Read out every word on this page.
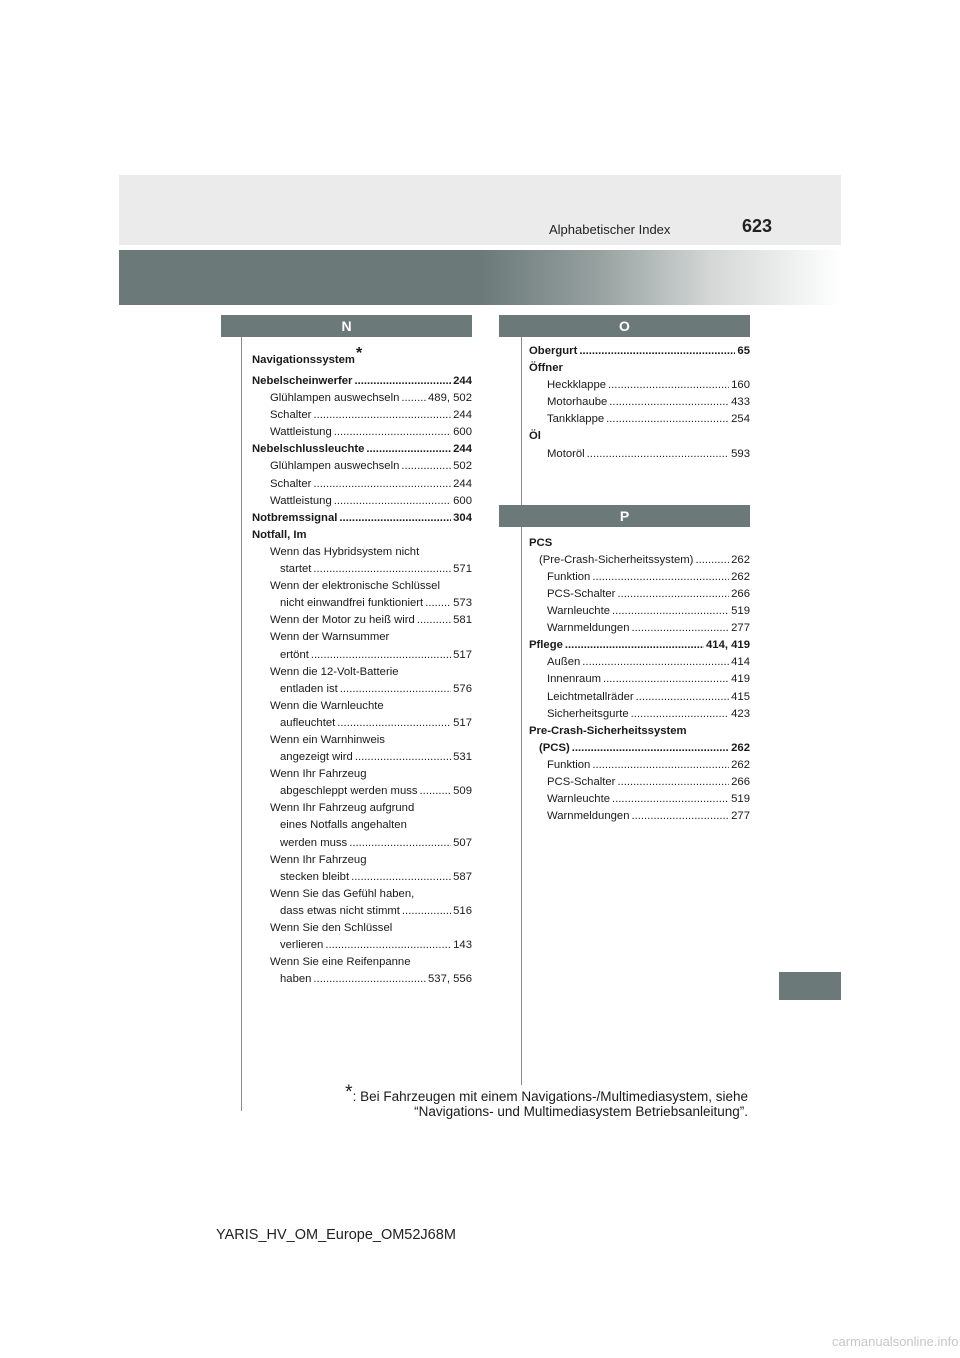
Alphabetischer Index	623
N
Navigationssystem*
Nebelscheinwerfer .....	244
Glühlampen auswechseln .....	489, 502
Schalter .....	244
Wattleistung .....	600
Nebelschlussleuchte .....	244
Glühlampen auswechseln .....	502
Schalter .....	244
Wattleistung .....	600
Notbremssignal .....	304
Notfall, Im
Wenn das Hybridsystem nicht
startet .....	571
Wenn der elektronische Schlüssel
nicht einwandfrei funktioniert .....	573
Wenn der Motor zu heiß wird .....	581
Wenn der Warnsummer
ertönt .....	517
Wenn die 12-Volt-Batterie
entladen ist .....	576
Wenn die Warnleuchte
aufleuchtet .....	517
Wenn ein Warnhinweis
angezeigt wird .....	531
Wenn Ihr Fahrzeug
abgeschleppt werden muss .....	509
Wenn Ihr Fahrzeug aufgrund
eines Notfalls angehalten
werden muss .....	507
Wenn Ihr Fahrzeug
stecken bleibt .....	587
Wenn Sie das Gefühl haben,
dass etwas nicht stimmt .....	516
Wenn Sie den Schlüssel
verlieren .....	143
Wenn Sie eine Reifenpanne
haben .....	537, 556
O
Obergurt .....	65
Öffner
Heckklappe .....	160
Motorhaube .....	433
Tankklappe .....	254
Öl
Motoröl .....	593
P
PCS
(Pre-Crash-Sicherheitssystem) .....	262
Funktion .....	262
PCS-Schalter .....	266
Warnleuchte .....	519
Warnmeldungen .....	277
Pflege .....	414, 419
Außen .....	414
Innenraum .....	419
Leichtmetallräder .....	415
Sicherheitsgurte .....	423
Pre-Crash-Sicherheitssystem
(PCS) .....	262
Funktion .....	262
PCS-Schalter .....	266
Warnleuchte .....	519
Warnmeldungen .....	277
*: Bei Fahrzeugen mit einem Navigations-/Multimediasystem, siehe
“Navigations- und Multimediasystem Betriebsanleitung”.
YARIS_HV_OM_Europe_OM52J68M
carmanualsonline.info
